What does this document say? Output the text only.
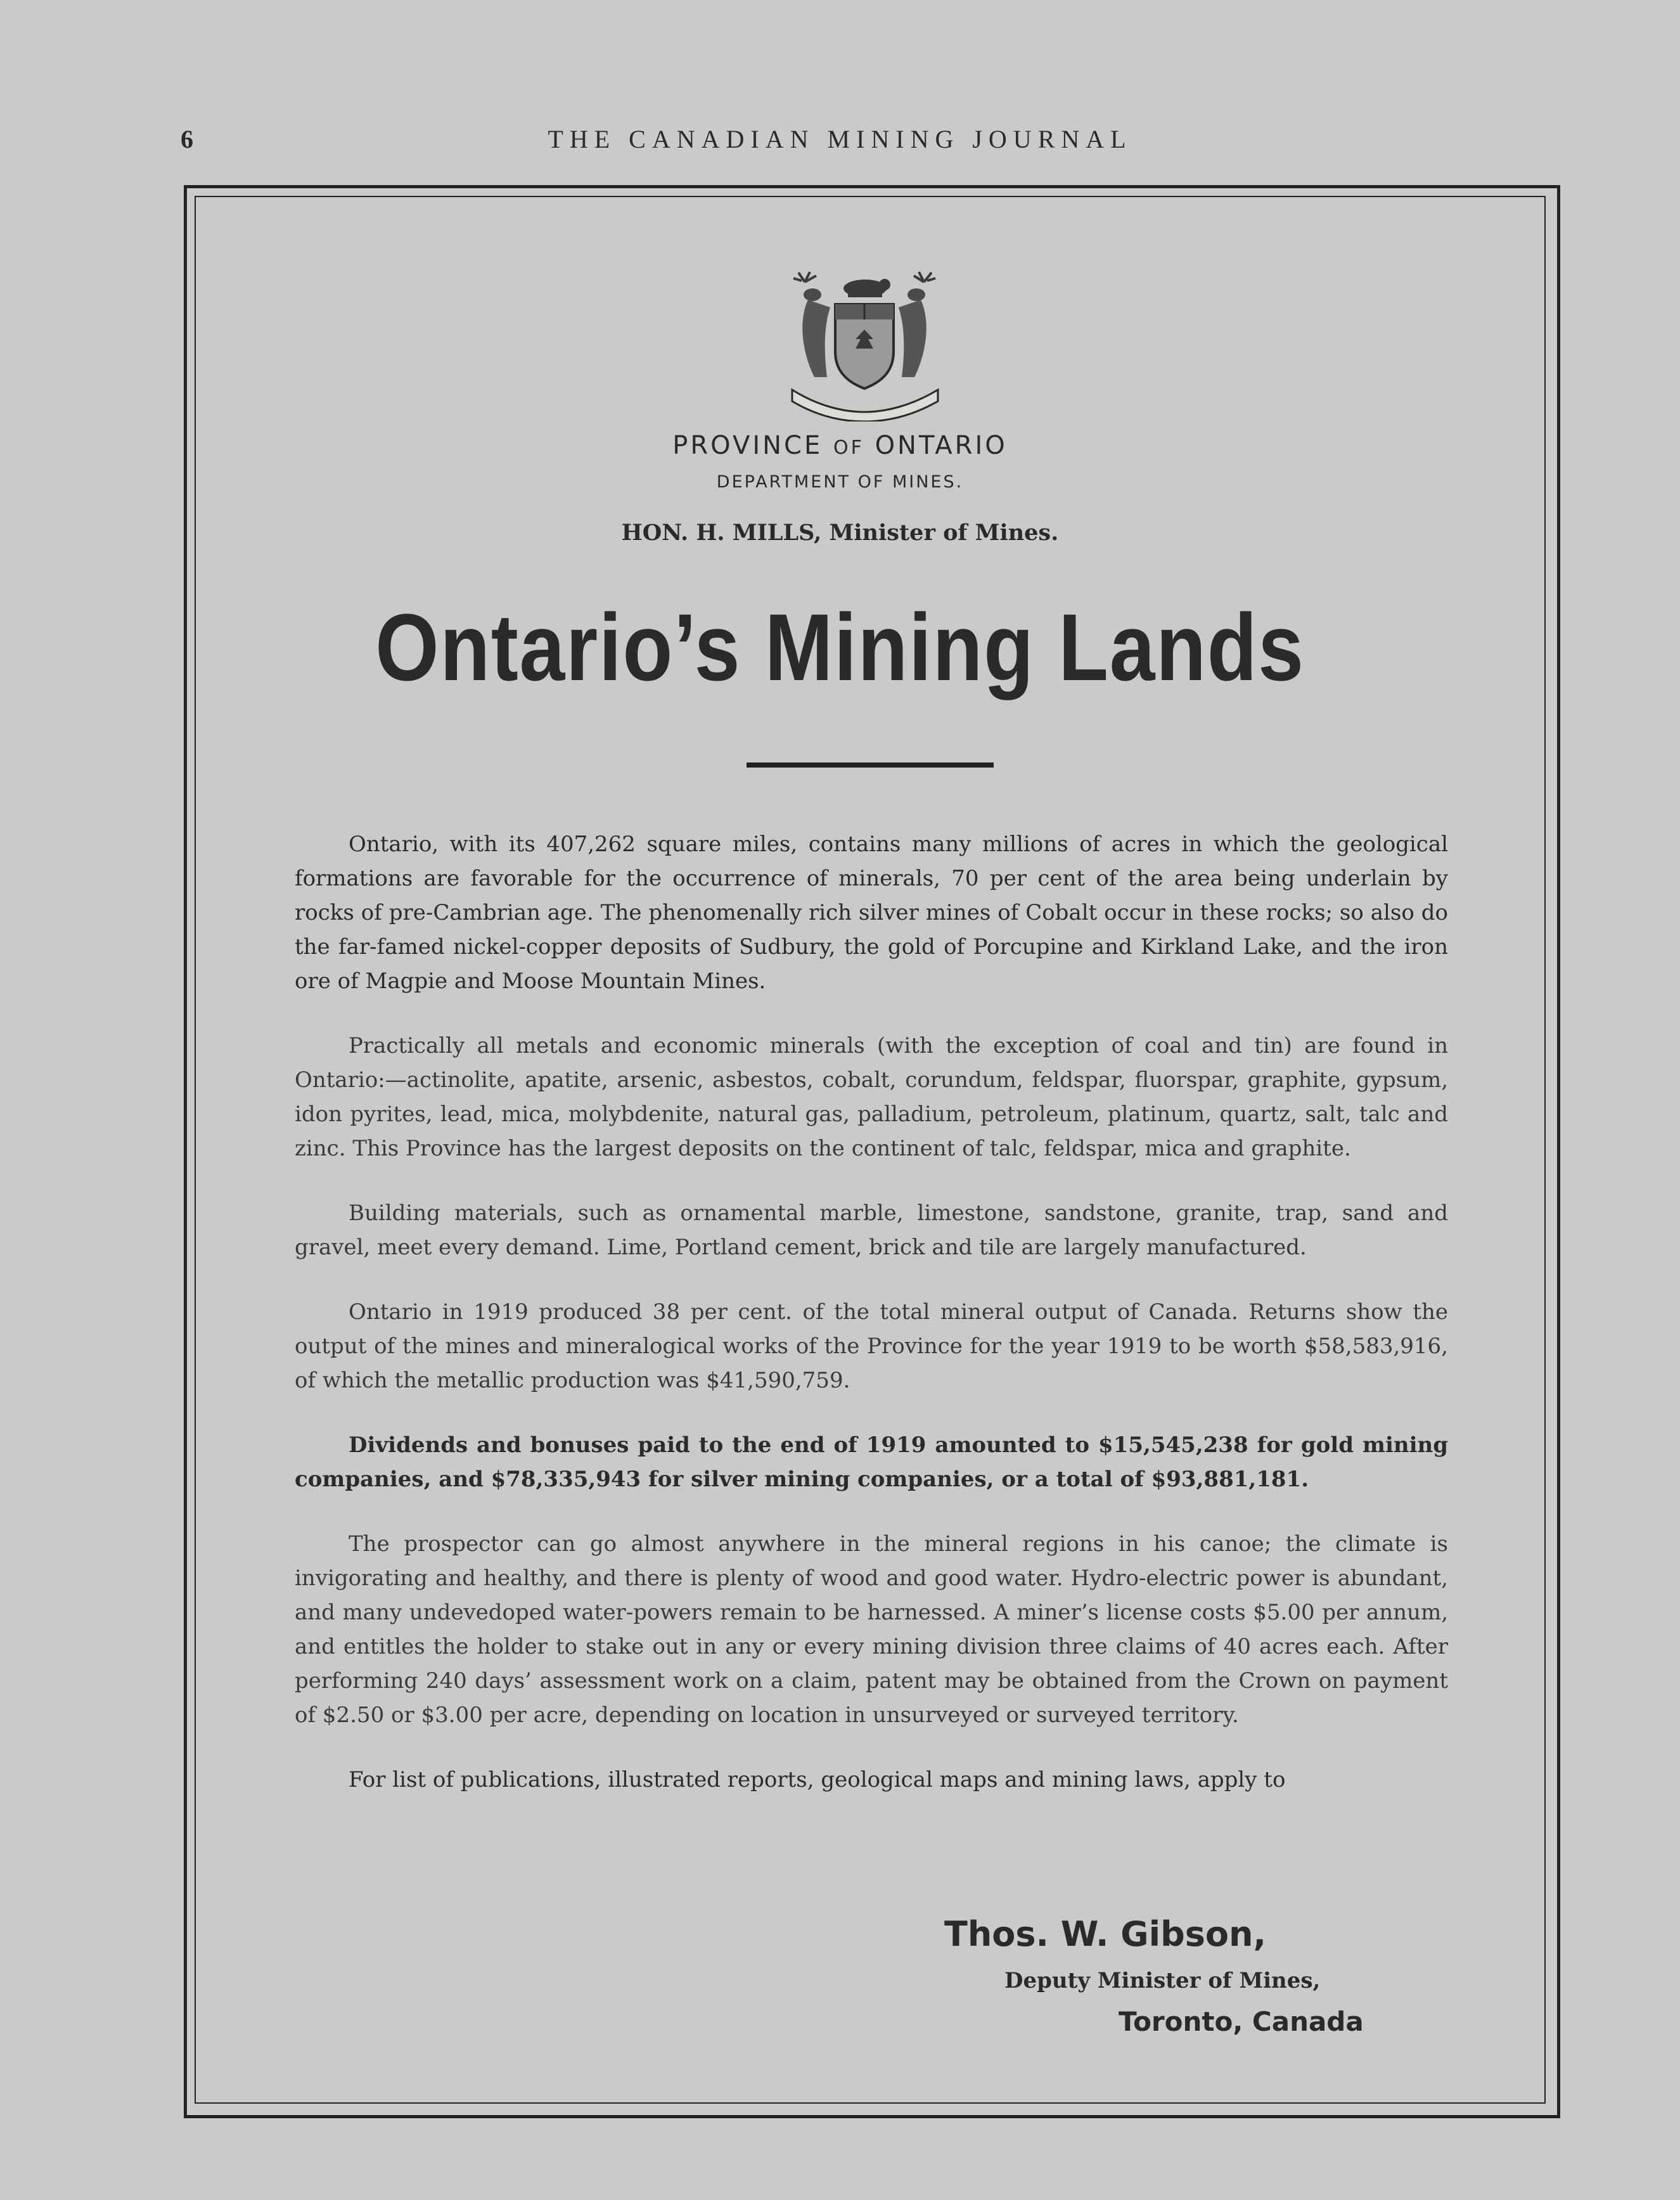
6	THE CANADIAN MINING JOURNAL
PROVINCE OF ONTARIO
DEPARTMENT OF MINES.
HON. H. MILLS, Minister of Mines.
Ontario’s Mining Lands

Ontario, with its 407,262 square miles, contains many millions of acres in which the geological formations are favorable for the occurrence of minerals, 70 per cent of the area being underlain by rocks of pre-Cambrian age. The phenomenally rich silver mines of Cobalt occur in these rocks; so also do the far-famed nickel-copper deposits of Sudbury, the gold of Porcupine and Kirkland Lake, and the iron ore of Magpie and Moose Mountain Mines.

Practically all metals and economic minerals (with the exception of coal and tin) are found in Ontario:—actinolite, apatite, arsenic, asbestos, cobalt, corundum, feldspar, fluorspar, graphite, gypsum, idon pyrites, lead, mica, molybdenite, natural gas, palladium, petroleum, platinum, quartz, salt, talc and zinc. This Province has the largest deposits on the continent of talc, feldspar, mica and graphite.

Building materials, such as ornamental marble, limestone, sandstone, granite, trap, sand and gravel, meet every demand. Lime, Portland cement, brick and tile are largely manufactured.

Ontario in 1919 produced 38 per cent. of the total mineral output of Canada. Returns show the output of the mines and mineralogical works of the Province for the year 1919 to be worth $58,583,916, of which the metallic production was $41,590,759.

Dividends and bonuses paid to the end of 1919 amounted to $15,545,238 for gold mining companies, and $78,335,943 for silver mining companies, or a total of $93,881,181.

The prospector can go almost anywhere in the mineral regions in his canoe; the climate is invigorating and healthy, and there is plenty of wood and good water. Hydro-electric power is abundant, and many undevedoped water-powers remain to be harnessed. A miner’s license costs $5.00 per annum, and entitles the holder to stake out in any or every mining division three claims of 40 acres each. After performing 240 days’ assessment work on a claim, patent may be obtained from the Crown on payment of $2.50 or $3.00 per acre, depending on location in unsurveyed or surveyed territory.

For list of publications, illustrated reports, geological maps and mining laws, apply to

Thos. W. Gibson,
Deputy Minister of Mines,
Toronto, Canada
